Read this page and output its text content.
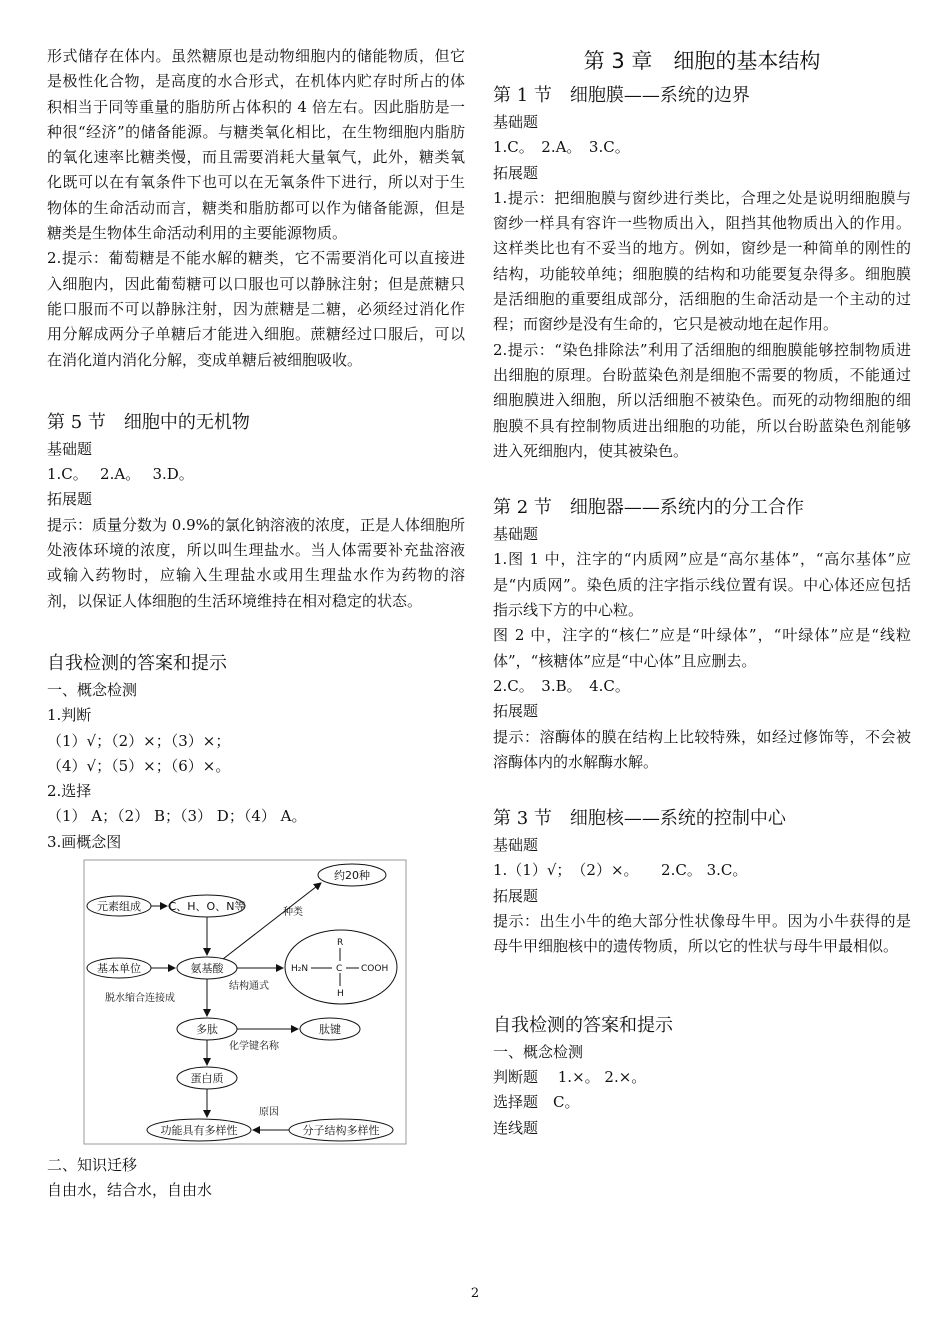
形式储存在体内。虽然糖原也是动物细胞内的储能物质，但它是极性化合物，是高度的水合形式，在机体内贮存时所占的体积相当于同等重量的脂肪所占体积的 4 倍左右。因此脂肪是一种很“经济”的储备能源。与糖类氧化相比，在生物细胞内脂肪的氧化速率比糖类慢，而且需要消耗大量氧气，此外，糖类氧化既可以在有氧条件下也可以在无氧条件下进行，所以对于生物体的生命活动而言，糖类和脂肪都可以作为储备能源，但是糖类是生物体生命活动利用的主要能源物质。

2.提示：葡萄糖是不能水解的糖类，它不需要消化可以直接进入细胞内，因此葡萄糖可以口服也可以静脉注射；但是蔗糖只能口服而不可以静脉注射，因为蔗糖是二糖，必须经过消化作用分解成两分子单糖后才能进入细胞。蔗糖经过口服后，可以在消化道内消化分解，变成单糖后被细胞吸收。

第 5 节　细胞中的无机物

基础题

1.C。　 2.A。　 3.D。

拓展题

提示：质量分数为 0.9%的氯化钠溶液的浓度，正是人体细胞所处液体环境的浓度，所以叫生理盐水。当人体需要补充盐溶液或输入药物时，应输入生理盐水或用生理盐水作为药物的溶剂，以保证人体细胞的生活环境维持在相对稳定的状态。

自我检测的答案和提示

一、概念检测

1.判断

（1）√；（2）×；（3）×；

（4）√；（5）×；（6）×。

2.选择

（1） A；（2） B；（3） D；（4） A。

3.画概念图

元素组成	C、H、O、N等
约20种
种类
基本单位	氨基酸
结构通式
R
H₂N	C COOH
H
脱水缩合连接成
多肽
化学键名称
肽键
蛋白质
原因
功能具有多样性	分子结构多样性

二、知识迁移

自由水，结合水，自由水

第 3 章　细胞的基本结构

第 1 节　细胞膜——系统的边界

基础题

1.C。　2.A。　3.C。

拓展题

1.提示：把细胞膜与窗纱进行类比，合理之处是说明细胞膜与窗纱一样具有容许一些物质出入，阻挡其他物质出入的作用。这样类比也有不妥当的地方。例如，窗纱是一种简单的刚性的结构，功能较单纯；细胞膜的结构和功能要复杂得多。细胞膜是活细胞的重要组成部分，活细胞的生命活动是一个主动的过程；而窗纱是没有生命的，它只是被动地在起作用。

2.提示：“染色排除法”利用了活细胞的细胞膜能够控制物质进出细胞的原理。台盼蓝染色剂是细胞不需要的物质，不能通过细胞膜进入细胞，所以活细胞不被染色。而死的动物细胞的细胞膜不具有控制物质进出细胞的功能，所以台盼蓝染色剂能够进入死细胞内，使其被染色。

第 2 节　细胞器——系统内的分工合作

基础题

1.图 1 中，注字的“内质网”应是“高尔基体”，“高尔基体”应是“内质网”。染色质的注字指示线位置有误。中心体还应包括指示线下方的中心粒。

图 2 中，注字的“核仁”应是“叶绿体”，“叶绿体”应是“线粒体”，“核糖体”应是“中心体”且应删去。

2.C。　3.B。　4.C。

拓展题

提示：溶酶体的膜在结构上比较特殊，如经过修饰等，不会被溶酶体内的水解酶水解。

第 3 节　细胞核——系统的控制中心

基础题

1.（1）√；　（2）×。　　2.C。 3.C。

拓展题

提示：出生小牛的绝大部分性状像母牛甲。因为小牛获得的是母牛甲细胞核中的遗传物质，所以它的性状与母牛甲最相似。

自我检测的答案和提示

一、概念检测

判断题　 1.×。 2.×。

选择题　C。

连线题

2
